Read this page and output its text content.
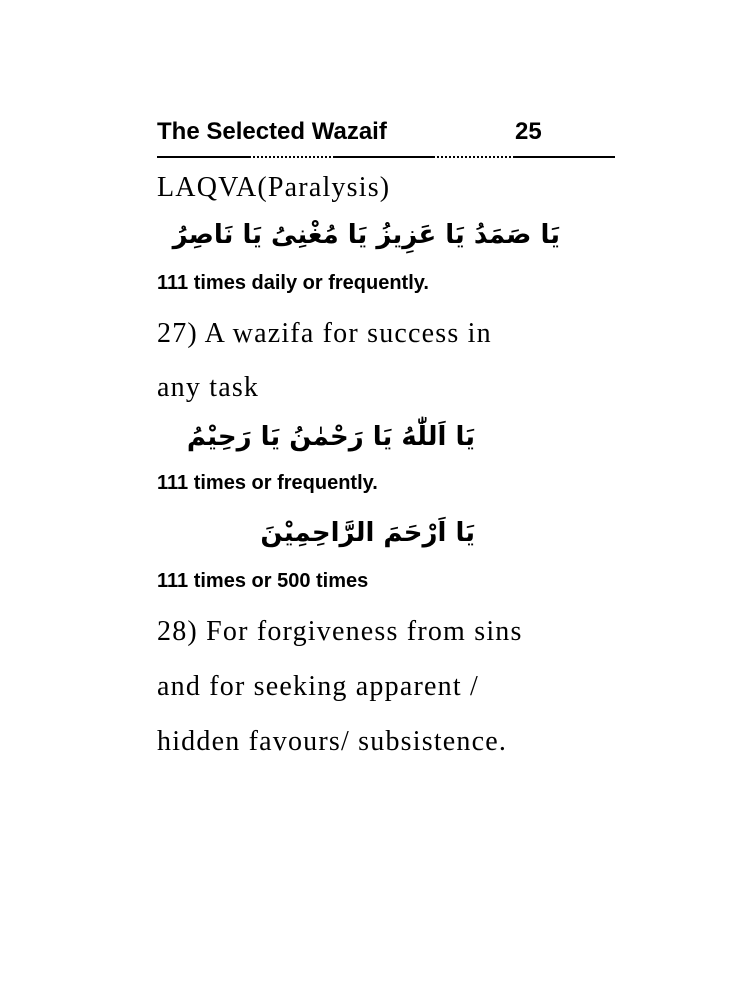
The Selected Wazaif	25
LAQVA(Paralysis)
يَا صَمَدُ يَا عَزِيزُ يَا مُغْنِىُ يَا نَاصِرُ
111 times daily or frequently.
27) A wazifa for success in
any task
يَا اَللّٰهُ يَا رَحْمٰنُ يَا رَحِيْمُ
111 times or frequently.
يَا اَرْحَمَ الرَّاحِمِيْنَ
111 times or 500 times
28) For forgiveness from sins
and for seeking apparent /
hidden favours/ subsistence.
